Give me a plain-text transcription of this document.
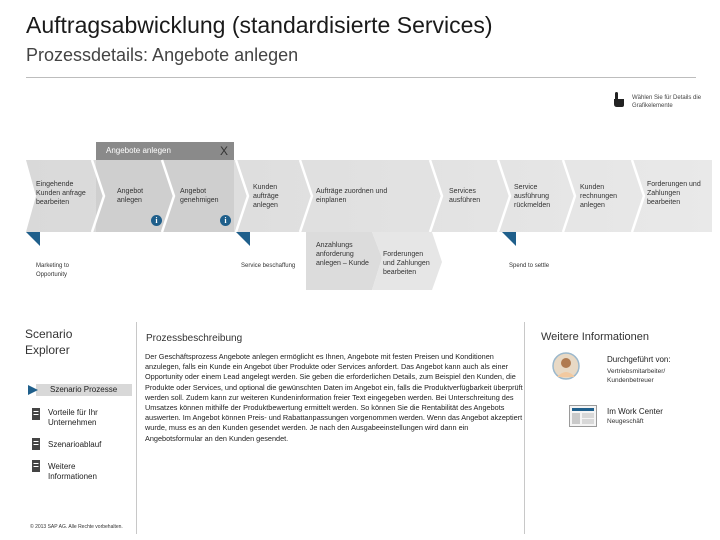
Auftragsabwicklung (standardisierte Services)
Prozessdetails: Angebote anlegen
Wählen Sie für Details die Grafikelemente
Angebote anlegen	X
Eingehende Kunden anfrage bearbeiten
Angebot anlegen
Angebot genehmigen
Kunden aufträge anlegen
Aufträge zuordnen und einplanen
Services ausführen
Service ausführung rückmelden
Kunden rechnungen anlegen
Forderungen und Zahlungen bearbeiten
i	i
Anzahlungs anforderung anlegen – Kunde
Forderungen und Zahlungen bearbeiten
Marketing to Opportunity
Service beschaffung	Spend to settle
Scenario Explorer
Szenario Prozesse
Vorteile für Ihr Unternehmen
Szenarioablauf
Weitere Informationen
Prozessbeschreibung
Der Geschäftsprozess Angebote anlegen ermöglicht es Ihnen, Angebote mit festen Preisen und Konditionen anzulegen, falls ein Kunde ein Angebot über Produkte oder Services anfordert. Das Angebot kann auch als einer Opportunity oder einem Lead angelegt werden. Sie geben die erforderlichen Details, zum Beispiel den Kunden, die Produkte oder Services, und optional die gewünschten Daten im Angebot ein, falls die Produktverfügbarkeit überprüft werden soll. Zudem kann zur weiteren Kundeninformation freier Text eingegeben werden. Bei Unterschreitung des Umsatzes können mithilfe der Produktbewertung ermittelt werden. So können Sie die Rentabilität des Angebots auswerten. Im Angebot können Preis- und Rabattanpassungen vorgenommen werden. Wenn das Angebot akzeptiert wurde, muss es an den Kunden gesendet werden. Je nach den Ausgabeeinstellungen wird dann ein Angebotsformular an den Kunden gesendet.
Weitere Informationen
Durchgeführt von:
Vertriebsmitarbeiter/ Kundenbetreuer
Im Work Center
Neugeschäft
© 2013 SAP AG. Alle Rechte vorbehalten.
